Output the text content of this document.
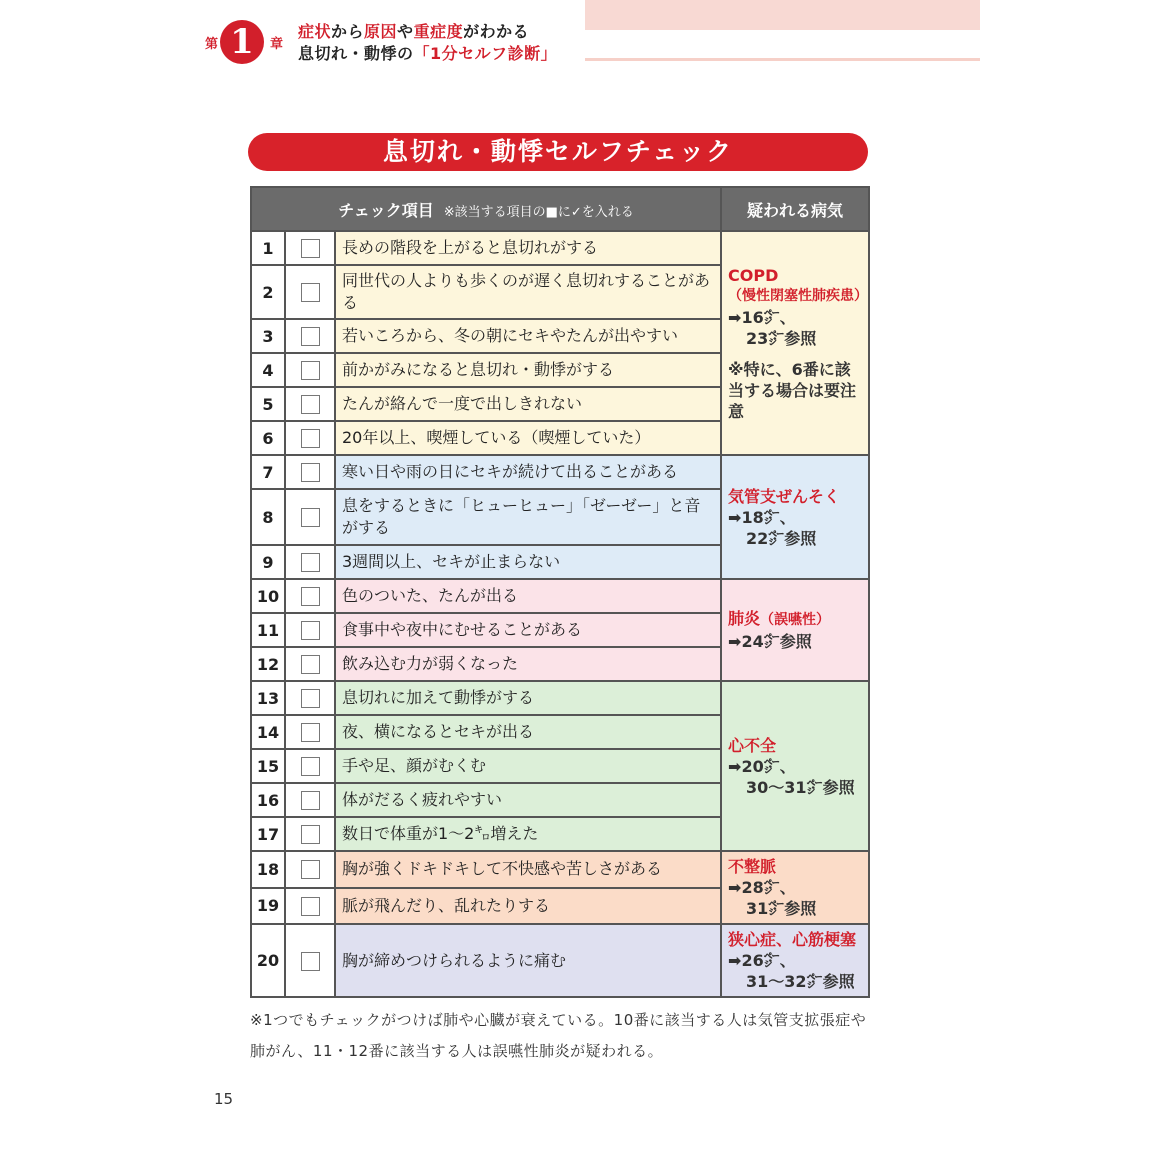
第 1	章
症状から原因や重症度がわかる
息切れ・動悸の「1分セルフ診断」
息切れ・動悸セルフチェック
チェック項目 ※該当する項目の■に✓を入れる			疑われる病気
1		長めの階段を上がると息切れがする	COPD
（慢性閉塞性肺疾患）
➡16㌻、
23㌻参照
※特に、6番に該当する場合は要注意

2		同世代の人よりも歩くのが遅く息切れすることがある	
3		若いころから、冬の朝にセキやたんが出やすい	
4		前かがみになると息切れ・動悸がする	
5		たんが絡んで一度で出しきれない	
6		20年以上、喫煙している（喫煙していた）	
7		寒い日や雨の日にセキが続けて出ることがある	気管支ぜんそく
➡18㌻、
22㌻参照

8		息をするときに「ヒューヒュー」「ゼーゼー」と音がする	
9		3週間以上、セキが止まらない	
10		色のついた、たんが出る	肺炎（誤嚥性）
➡24㌻参照

11		食事中や夜中にむせることがある	
12		飲み込む力が弱くなった	
13		息切れに加えて動悸がする	心不全
➡20㌻、
30～31㌻参照

14		夜、横になるとセキが出る	
15		手や足、顔がむくむ	
16		体がだるく疲れやすい	
17		数日で体重が1～2㌔増えた	
18		胸が強くドキドキして不快感や苦しさがある	不整脈
➡28㌻、
31㌻参照

19		脈が飛んだり、乱れたりする	
20		胸が締めつけられるように痛む	狭心症、心筋梗塞
➡26㌻、
31～32㌻参照
※1つでもチェックがつけば肺や心臓が衰えている。10番に該当する人は気管支拡張症や肺がん、11・12番に該当する人は誤嚥性肺炎が疑われる。
15
